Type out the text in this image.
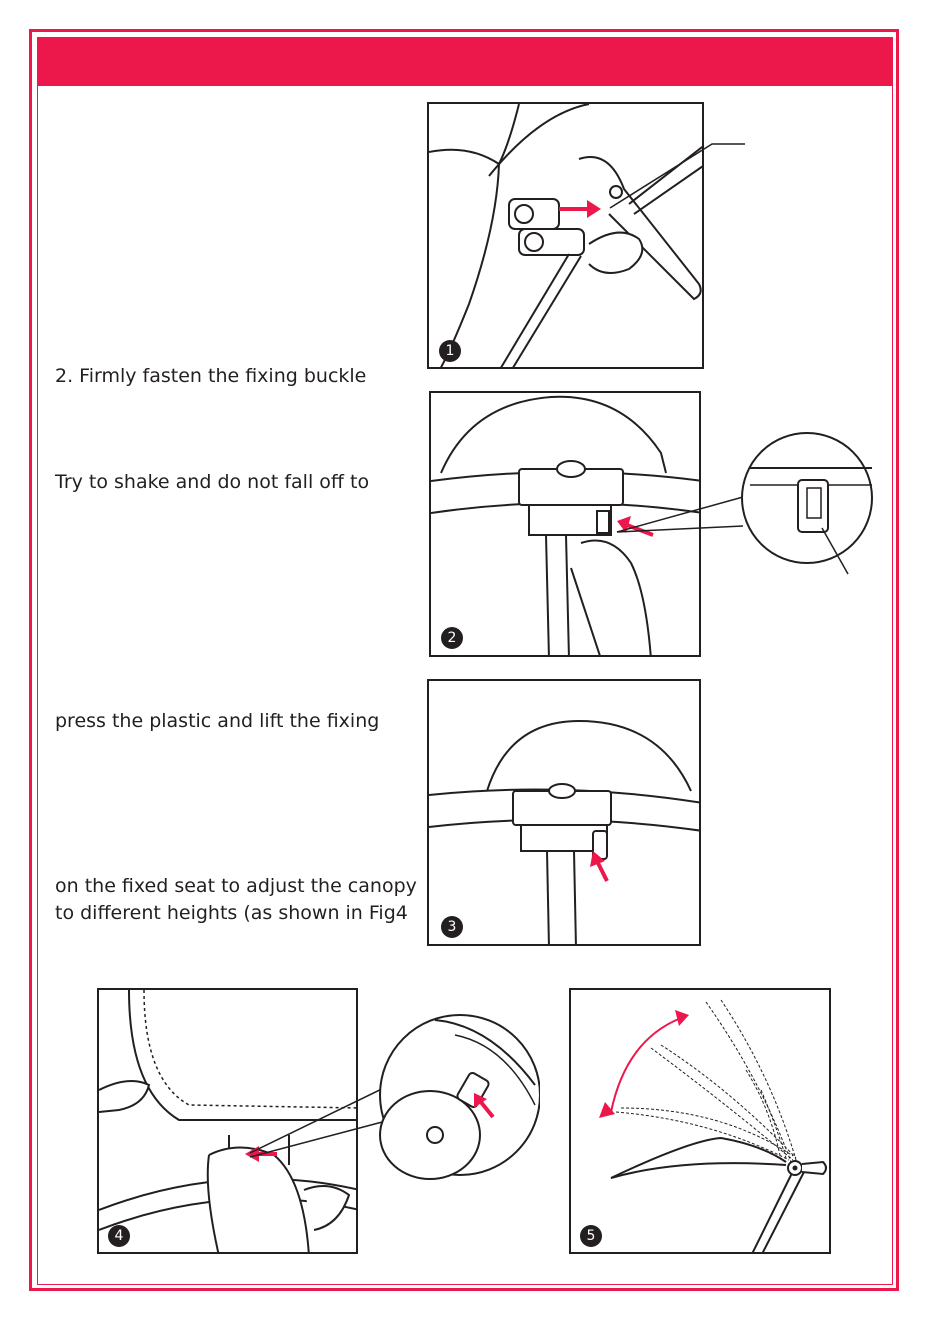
2. Firmly fasten the fixing buckle
Try to shake and do not fall off to
press the plastic and lift the fixing
on the fixed seat to adjust the canopy
to different heights (as shown in Fig4
1
2
3
4	5
